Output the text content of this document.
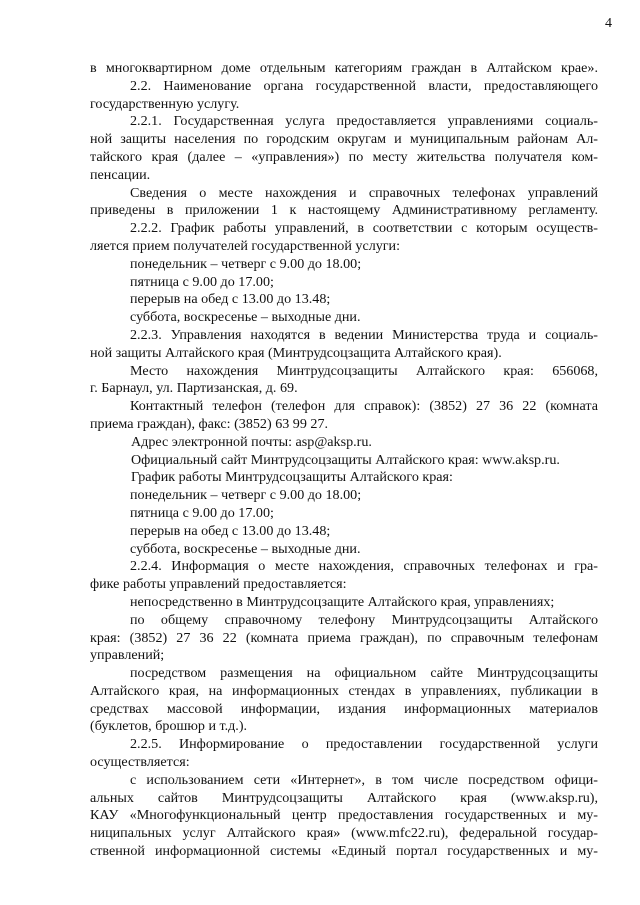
4
в многоквартирном доме отдельным категориям граждан в Алтайском крае».
2.2. Наименование органа государственной власти, предоставляющего
государственную услугу.
2.2.1. Государственная услуга предоставляется управлениями социаль-
ной защиты населения по городским округам и муниципальным районам Ал-
тайского края (далее – «управления») по месту жительства получателя ком-
пенсации.
Сведения о месте нахождения и справочных телефонах управлений
приведены в приложении 1 к настоящему Административному регламенту.
2.2.2. График работы управлений, в соответствии с которым осуществ-
ляется прием получателей государственной услуги:
понедельник – четверг с 9.00 до 18.00;
пятница с 9.00 до 17.00;
перерыв на обед с 13.00 до 13.48;
суббота, воскресенье – выходные дни.
2.2.3. Управления находятся в ведении Министерства труда и социаль-
ной защиты Алтайского края (Минтрудсоцзащита Алтайского края).
Место нахождения Минтрудсоцзащиты Алтайского края: 656068,
г. Барнаул, ул. Партизанская, д. 69.
Контактный телефон (телефон для справок): (3852) 27 36 22 (комната
приема граждан), факс: (3852) 63 99 27.
Адрес электронной почты: asp@aksp.ru.
Официальный сайт Минтрудсоцзащиты Алтайского края: www.aksp.ru.
График работы Минтрудсоцзащиты Алтайского края:
понедельник – четверг с 9.00 до 18.00;
пятница с 9.00 до 17.00;
перерыв на обед с 13.00 до 13.48;
суббота, воскресенье – выходные дни.
2.2.4. Информация о месте нахождения, справочных телефонах и гра-
фике работы управлений предоставляется:
непосредственно в Минтрудсоцзащите Алтайского края, управлениях;
по общему справочному телефону Минтрудсоцзащиты Алтайского
края: (3852) 27 36 22 (комната приема граждан), по справочным телефонам
управлений;
посредством размещения на официальном сайте Минтрудсоцзащиты
Алтайского края, на информационных стендах в управлениях, публикации в
средствах массовой информации, издания информационных материалов
(буклетов, брошюр и т.д.).
2.2.5. Информирование о предоставлении государственной услуги
осуществляется:
с использованием сети «Интернет», в том числе посредством офици-
альных сайтов Минтрудсоцзащиты Алтайского края (www.aksp.ru),
КАУ «Многофункциональный центр предоставления государственных и му-
ниципальных услуг Алтайского края» (www.mfc22.ru), федеральной государ-
ственной информационной системы «Единый портал государственных и му-
